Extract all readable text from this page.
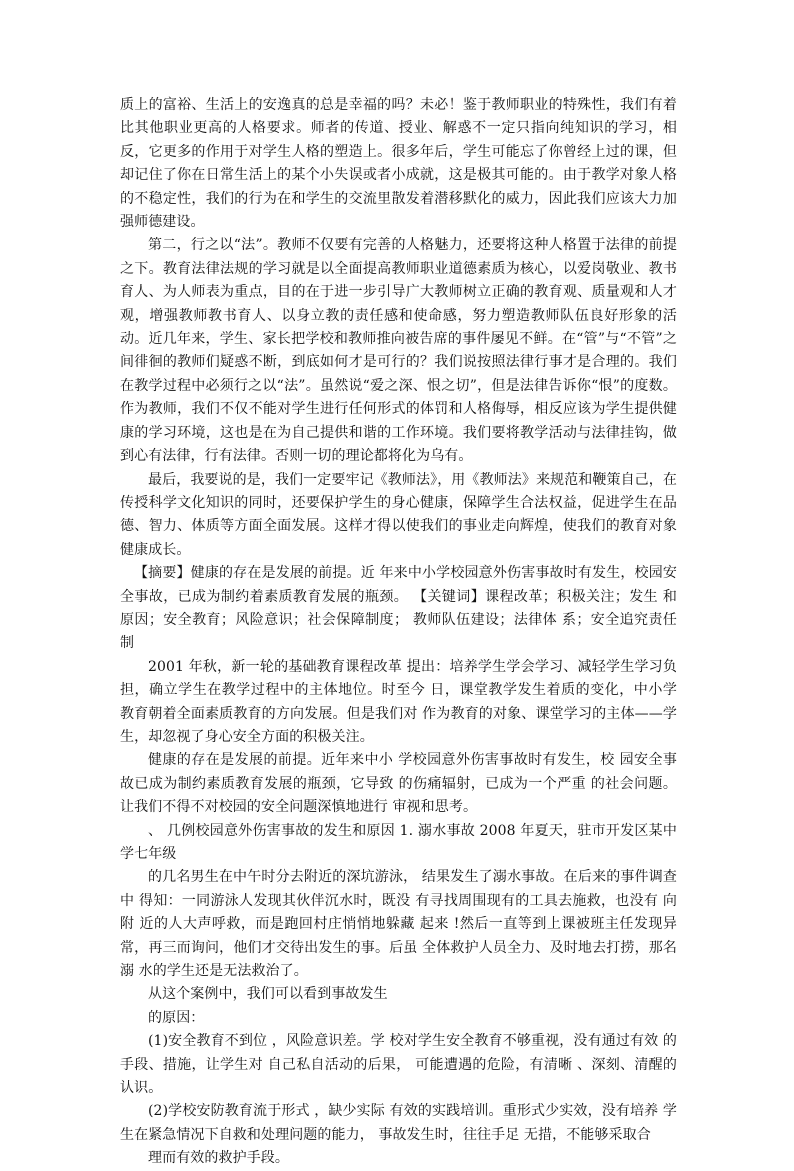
质上的富裕、生活上的安逸真的总是幸福的吗？未必！鉴于教师职业的特殊性，我们有着比其他职业更高的人格要求。师者的传道、授业、解惑不一定只指向纯知识的学习，相反，它更多的作用于对学生人格的塑造上。很多年后，学生可能忘了你曾经上过的课，但却记住了你在日常生活上的某个小失误或者小成就，这是极其可能的。由于教学对象人格的不稳定性，我们的行为在和学生的交流里散发着潜移默化的威力，因此我们应该大力加强师德建设。

第二，行之以“法”。教师不仅要有完善的人格魅力，还要将这种人格置于法律的前提之下。教育法律法规的学习就是以全面提高教师职业道德素质为核心，以爱岗敬业、教书育人、为人师表为重点，目的在于进一步引导广大教师树立正确的教育观、质量观和人才观，增强教师教书育人、以身立教的责任感和使命感，努力塑造教师队伍良好形象的活动。近几年来，学生、家长把学校和教师推向被告席的事件屡见不鲜。在“管”与“不管”之间徘徊的教师们疑惑不断，到底如何才是可行的？我们说按照法律行事才是合理的。我们在教学过程中必须行之以“法”。虽然说“爱之深、恨之切”，但是法律告诉你“恨”的度数。作为教师，我们不仅不能对学生进行任何形式的体罚和人格侮辱，相反应该为学生提供健康的学习环境，这也是在为自己提供和谐的工作环境。我们要将教学活动与法律挂钩，做到心有法律，行有法律。否则一切的理论都将化为乌有。

最后，我要说的是，我们一定要牢记《教师法》，用《教师法》来规范和鞭策自己，在传授科学文化知识的同时，还要保护学生的身心健康，保障学生合法权益，促进学生在品德、智力、体质等方面全面发展。这样才得以使我们的事业走向辉煌，使我们的教育对象健康成长。

【摘要】健康的存在是发展的前提。近 年来中小学校园意外伤害事故时有发生，校园安全事故，已成为制约着素质教育发展的瓶颈。 【关键词】课程改革；积极关注；发生 和原因；安全教育；风险意识；社会保障制度； 教师队伍建设；法律体 系；安全追究责任制

2001 年秋，新一轮的基础教育课程改革 提出：培养学生学会学习、减轻学生学习负担，确立学生在教学过程中的主体地位。时至今 日，课堂教学发生着质的变化，中小学 教育朝着全面素质教育的方向发展。但是我们对 作为教育的对象、课堂学习的主体——学生，却忽视了身心安全方面的积极关注。

健康的存在是发展的前提。近年来中小 学校园意外伤害事故时有发生，校 园安全事故已成为制约素质教育发展的瓶颈，它导致 的伤痛辐射，已成为一个严重 的社会问题。让我们不得不对校园的安全问题深慎地进行 审视和思考。

、 几例校园意外伤害事故的发生和原因 1. 溺水事故 2008 年夏天，驻市开发区某中学七年级

的几名男生在中午时分去附近的深坑游泳， 结果发生了溺水事故。在后来的事件调查中 得知：一同游泳人发现其伙伴沉水时，既没 有寻找周围现有的工具去施救，也没有 向附 近的人大声呼救，而是跑回村庄悄悄地躲藏 起来 !然后一直等到上课被班主任发现异常，再三而询问，他们才交待出发生的事。后虽 全体救护人员全力、及时地去打捞，那名溺 水的学生还是无法救治了。

从这个案例中，我们可以看到事故发生

的原因：

(1)安全教育不到位 ，风险意识差。学 校对学生安全教育不够重视，没有通过有效 的手段、措施，让学生对 自己私自活动的后果， 可能遭遇的危险，有清晰 、深刻、清醒的认识。

(2)学校安防教育流于形式 ，缺少实际 有效的实践培训。重形式少实效，没有培养 学生在紧急情况下自救和处理问题的能力， 事故发生时，往往手足 无措，不能够采取合

理而有效的救护手段。
